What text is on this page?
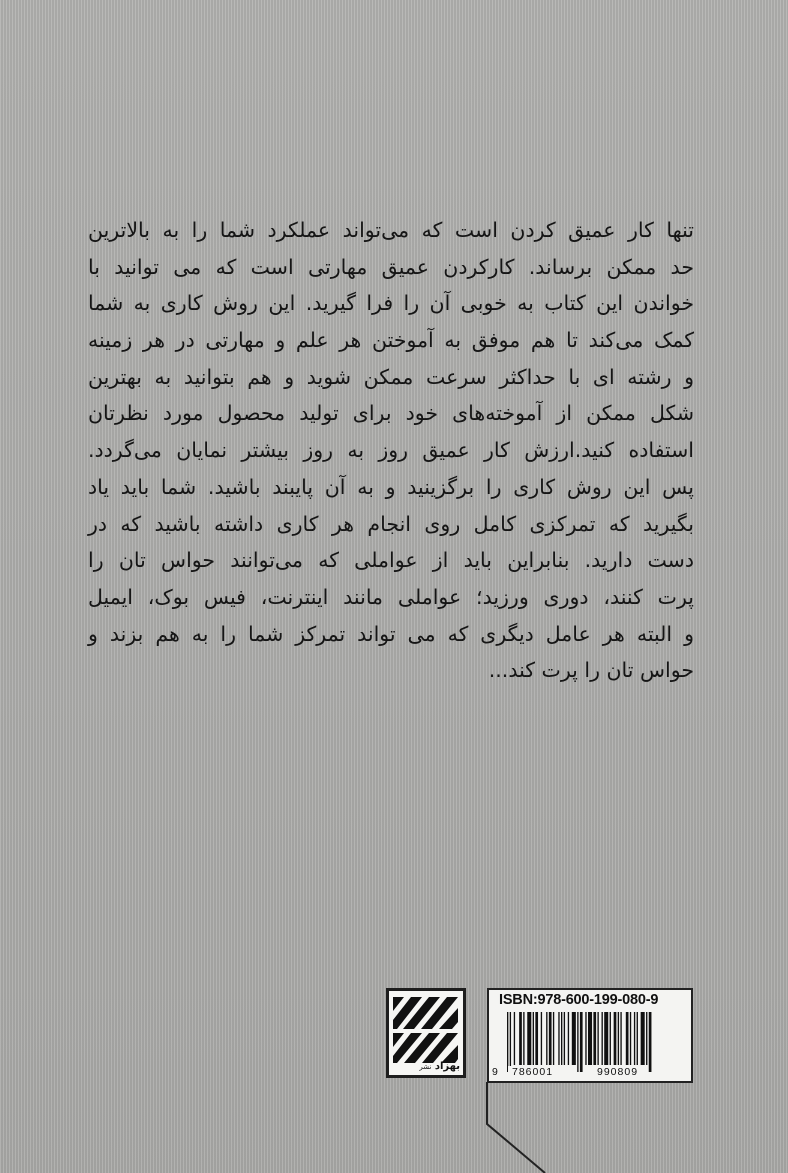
تنها کار عمیق کردن است که می‌تواند عملکرد شما را به بالاترین
حد ممکن برساند. کارکردن عمیق مهارتی است که می توانید با
خواندن این کتاب به خوبی آن را فرا گیرید. این روش کاری به شما
کمک می‌کند تا هم موفق به آموختن هر علم و مهارتی در هر زمینه
و رشته ای با حداکثر سرعت ممکن شوید و هم بتوانید به بهترین
شکل ممکن از آموخته‌های خود برای تولید محصول مورد نظرتان
استفاده کنید.ارزش کار عمیق روز به روز بیشتر نمایان می‌گردد.
پس این روش کاری را برگزینید و به آن پایبند باشید. شما باید یاد
بگیرید که تمرکزی کامل روی انجام هر کاری داشته باشید که در
دست دارید. بنابراین باید از عواملی که می‌توانند حواس تان را
پرت کنند، دوری ورزید؛ عواملی مانند اینترنت، فیس بوک، ایمیل
و البته هر عامل دیگری که می تواند تمرکز شما را به هم بزند و
حواس تان را پرت کند...
بهزاد نشر
ISBN:978-600-199-080-9
9	786001	990809
